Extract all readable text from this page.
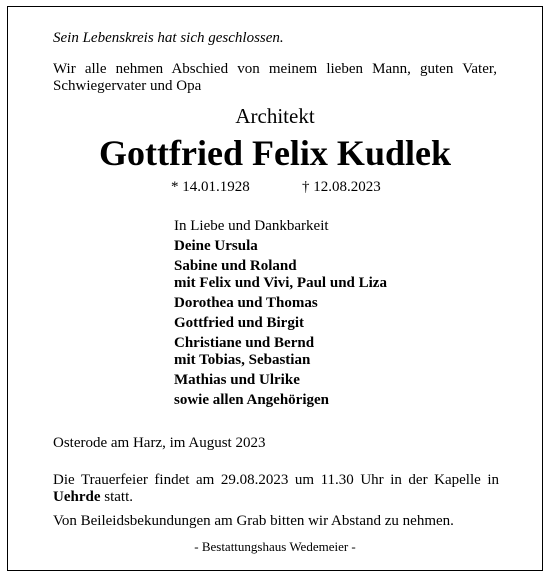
Sein Lebenskreis hat sich geschlossen.
Wir alle nehmen Abschied von meinem lieben Mann, guten Vater, Schwiegervater und Opa
Architekt
Gottfried Felix Kudlek
* 14.01.1928	† 12.08.2023
In Liebe und Dankbarkeit
Deine Ursula
Sabine und Roland
mit Felix und Vivi, Paul und Liza
Dorothea und Thomas
Gottfried und Birgit
Christiane und Bernd
mit Tobias, Sebastian
Mathias und Ulrike
sowie allen Angehörigen
Osterode am Harz, im August 2023
Die Trauerfeier findet am 29.08.2023 um 11.30 Uhr in der Kapelle in Uehrde statt.
Von Beileidsbekundungen am Grab bitten wir Abstand zu nehmen.
- Bestattungshaus Wedemeier -
